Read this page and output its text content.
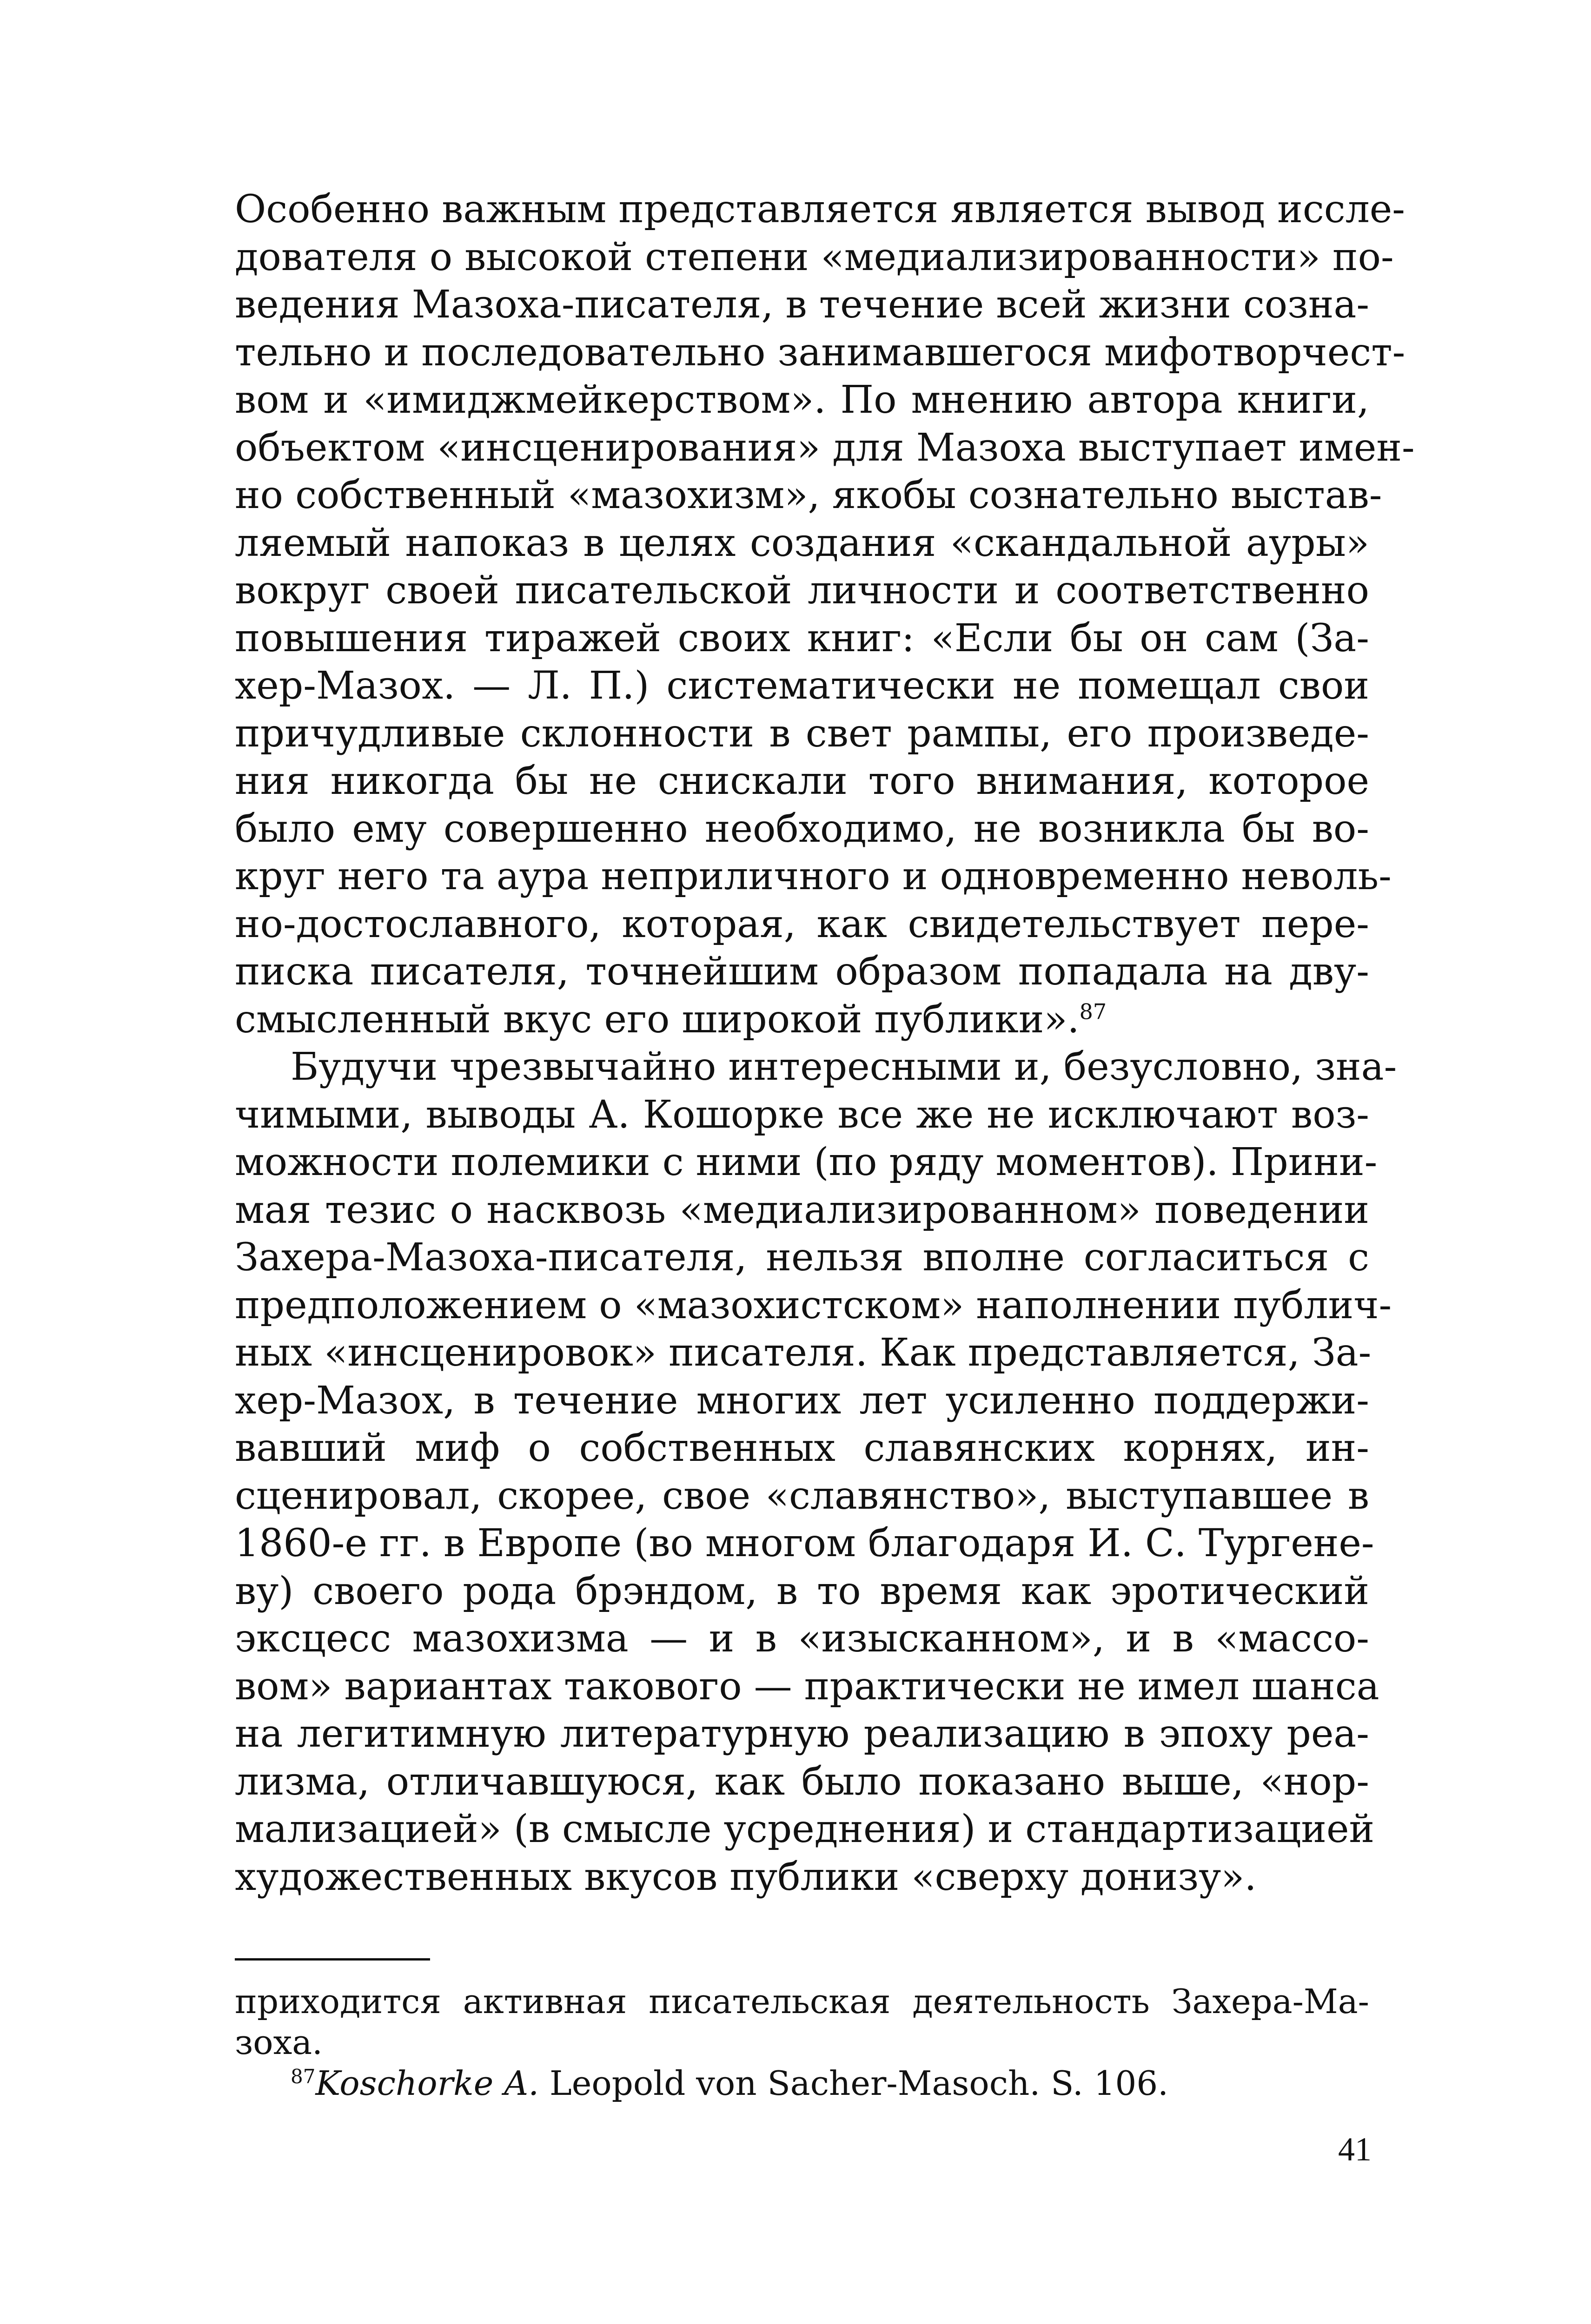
Особенно важным представляется является вывод иссле-
дователя о высокой степени «медиализированности» по-
ведения Мазоха-писателя, в течение всей жизни созна-
тельно и последовательно занимавшегося мифотворчест-
вом и «имиджмейкерством». По мнению автора книги,
объектом «инсценирования» для Мазоха выступает имен-
но собственный «мазохизм», якобы сознательно выстав-
ляемый напоказ в целях создания «скандальной ауры»
вокруг своей писательской личности и соответственно
повышения тиражей своих книг: «Если бы он сам (За-
хер-Мазох. — Л. П.) систематически не помещал свои
причудливые склонности в свет рампы, его произведе-
ния никогда бы не снискали того внимания, которое
было ему совершенно необходимо, не возникла бы во-
круг него та аура неприличного и одновременно неволь-
но-достославного, которая, как свидетельствует пере-
писка писателя, точнейшим образом попадала на дву-
смысленный вкус его широкой публики».$^{87}$
Будучи чрезвычайно интересными и, безусловно, зна-
чимыми, выводы А. Кошорке все же не исключают воз-
можности полемики с ними (по ряду моментов). Прини-
мая тезис о насквозь «медиализированном» поведении
Захера-Мазоха-писателя, нельзя вполне согласиться с
предположением о «мазохистском» наполнении публич-
ных «инсценировок» писателя. Как представляется, За-
хер-Мазох, в течение многих лет усиленно поддержи-
вавший миф о собственных славянских корнях, ин-
сценировал, скорее, свое «славянство», выступавшее в
1860-е гг. в Европе (во многом благодаря И. С. Тургене-
ву) своего рода брэндом, в то время как эротический
эксцесс мазохизма — и в «изысканном», и в «массо-
вом» вариантах такового — практически не имел шанса
на легитимную литературную реализацию в эпоху реа-
лизма, отличавшуюся, как было показано выше, «нор-
мализацией» (в смысле усреднения) и стандартизацией
художественных вкусов публики «сверху донизу».
приходится активная писательская деятельность Захера-Ма-
зоха.
$^{87}$Koschorke A. Leopold von Sacher-Masoch. S. 106.
41
